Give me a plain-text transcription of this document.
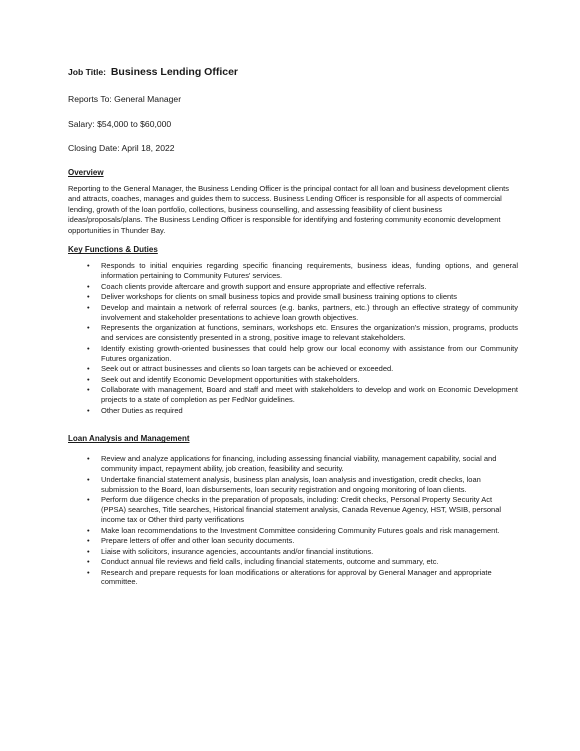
Job Title: Business Lending Officer
Reports To: General Manager
Salary: $54,000 to $60,000
Closing Date: April 18, 2022
Overview
Reporting to the General Manager, the Business Lending Officer is the principal contact for all loan and business development clients and attracts, coaches, manages and guides them to success. Business Lending Officer is responsible for all aspects of commercial lending, growth of the loan portfolio, collections, business counselling, and assessing feasibility of client business ideas/proposals/plans. The Business Lending Officer is responsible for identifying and fostering community economic development opportunities in Thunder Bay.
Key Functions & Duties
• Responds to initial enquiries regarding specific financing requirements, business ideas, funding options, and general information pertaining to Community Futures' services.
• Coach clients provide aftercare and growth support and ensure appropriate and effective referrals.
• Deliver workshops for clients on small business topics and provide small business training options to clients
• Develop and maintain a network of referral sources (e.g. banks, partners, etc.) through an effective strategy of community involvement and stakeholder presentations to achieve loan growth objectives.
• Represents the organization at functions, seminars, workshops etc. Ensures the organization's mission, programs, products and services are consistently presented in a strong, positive image to relevant stakeholders.
• Identify existing growth-oriented businesses that could help grow our local economy with assistance from our Community Futures organization.
• Seek out or attract businesses and clients so loan targets can be achieved or exceeded.
• Seek out and identify Economic Development opportunities with stakeholders.
• Collaborate with management, Board and staff and meet with stakeholders to develop and work on Economic Development projects to a state of completion as per FedNor guidelines.
• Other Duties as required
Loan Analysis and Management
• Review and analyze applications for financing, including assessing financial viability, management capability, social and community impact, repayment ability, job creation, feasibility and security.
• Undertake financial statement analysis, business plan analysis, loan analysis and investigation, credit checks, loan submission to the Board, loan disbursements, loan security registration and ongoing monitoring of loan clients.
• Perform due diligence checks in the preparation of proposals, including: Credit checks, Personal Property Security Act (PPSA) searches, Title searches, Historical financial statement analysis, Canada Revenue Agency, HST, WSIB, personal income tax or Other third party verifications
• Make loan recommendations to the Investment Committee considering Community Futures goals and risk management.
• Prepare letters of offer and other loan security documents.
• Liaise with solicitors, insurance agencies, accountants and/or financial institutions.
• Conduct annual file reviews and field calls, including financial statements, outcome and summary, etc.
• Research and prepare requests for loan modifications or alterations for approval by General Manager and appropriate committee.
